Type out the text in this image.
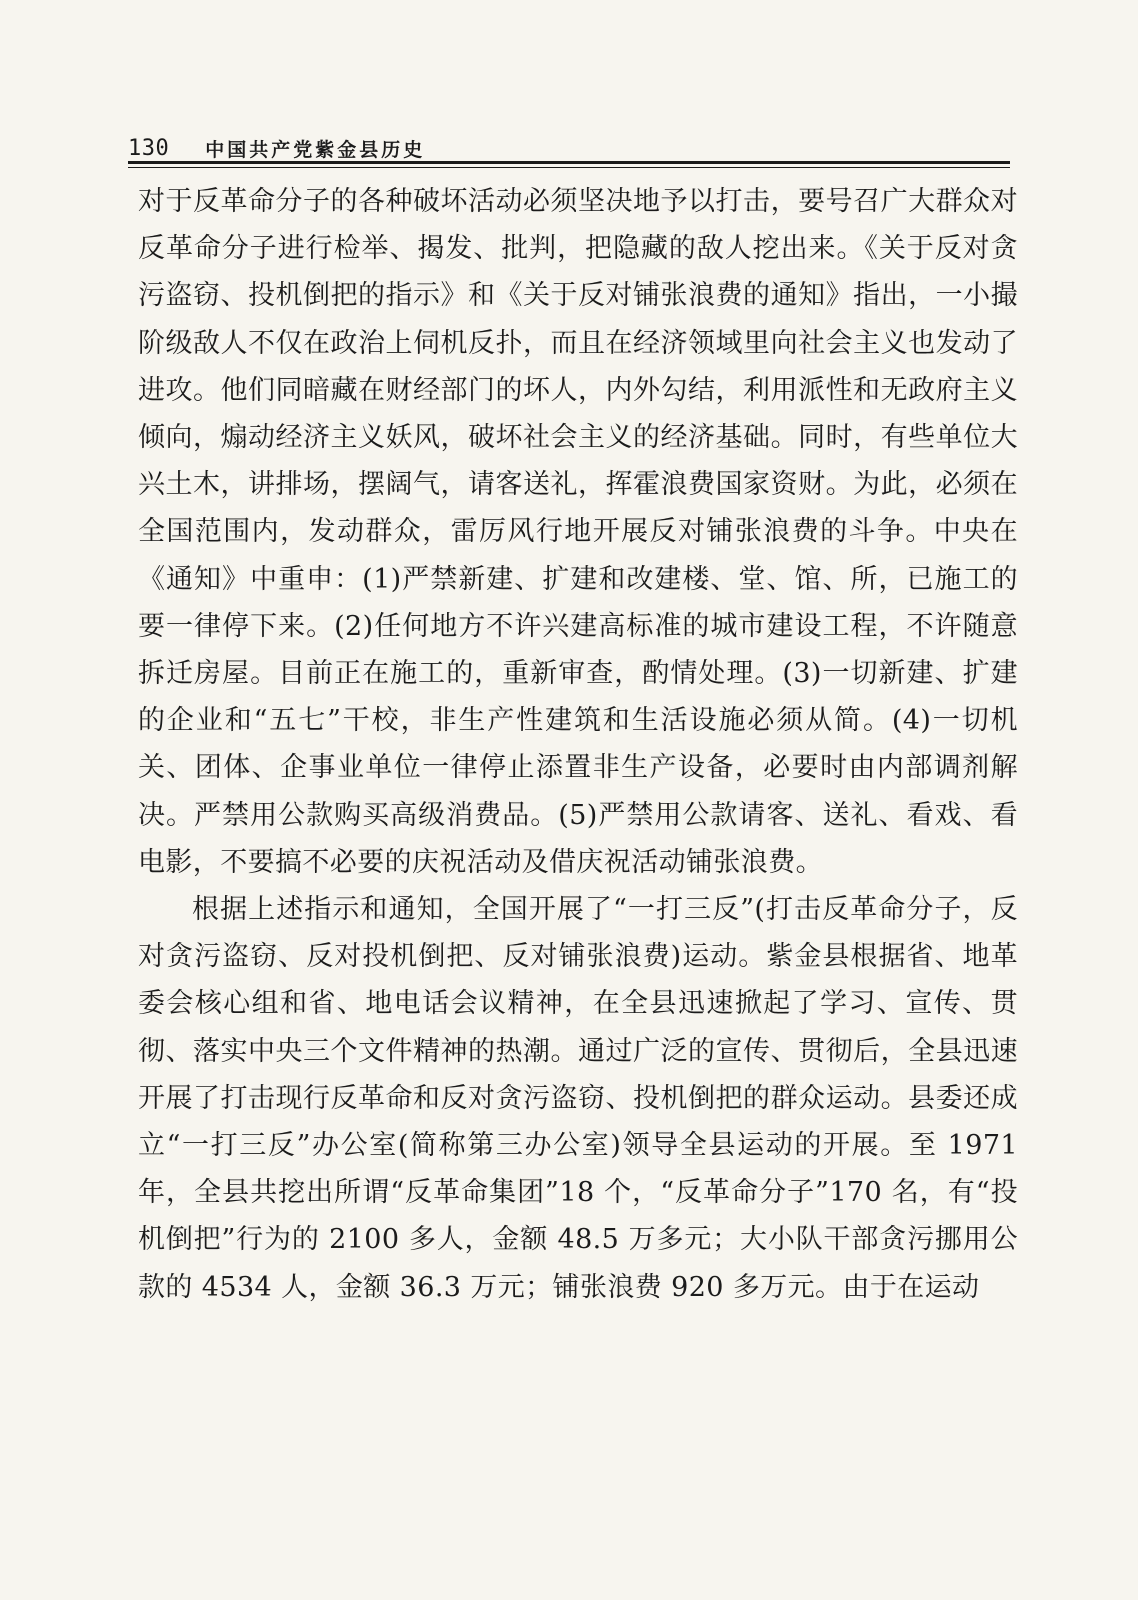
130 中国共产党紫金县历史

对于反革命分子的各种破坏活动必须坚决地予以打击，要号召广大群众对反革命分子进行检举、揭发、批判，把隐藏的敌人挖出来。《关于反对贪污盗窃、投机倒把的指示》和《关于反对铺张浪费的通知》指出，一小撮阶级敌人不仅在政治上伺机反扑，而且在经济领域里向社会主义也发动了进攻。他们同暗藏在财经部门的坏人，内外勾结，利用派性和无政府主义倾向，煽动经济主义妖风，破坏社会主义的经济基础。同时，有些单位大兴土木，讲排场，摆阔气，请客送礼，挥霍浪费国家资财。为此，必须在全国范围内，发动群众，雷厉风行地开展反对铺张浪费的斗争。中央在《通知》中重申：(1)严禁新建、扩建和改建楼、堂、馆、所，已施工的要一律停下来。(2)任何地方不许兴建高标准的城市建设工程，不许随意拆迁房屋。目前正在施工的，重新审查，酌情处理。(3)一切新建、扩建的企业和“五七”干校，非生产性建筑和生活设施必须从简。(4)一切机关、团体、企事业单位一律停止添置非生产设备，必要时由内部调剂解决。严禁用公款购买高级消费品。(5)严禁用公款请客、送礼、看戏、看电影，不要搞不必要的庆祝活动及借庆祝活动铺张浪费。

根据上述指示和通知，全国开展了“一打三反”(打击反革命分子，反对贪污盗窃、反对投机倒把、反对铺张浪费)运动。紫金县根据省、地革委会核心组和省、地电话会议精神，在全县迅速掀起了学习、宣传、贯彻、落实中央三个文件精神的热潮。通过广泛的宣传、贯彻后，全县迅速开展了打击现行反革命和反对贪污盗窃、投机倒把的群众运动。县委还成立“一打三反”办公室(简称第三办公室)领导全县运动的开展。至 1971 年，全县共挖出所谓“反革命集团”18 个，“反革命分子”170 名，有“投机倒把”行为的 2100 多人，金额 48.5 万多元；大小队干部贪污挪用公款的 4534 人，金额 36.3 万元；铺张浪费 920 多万元。由于在运动
